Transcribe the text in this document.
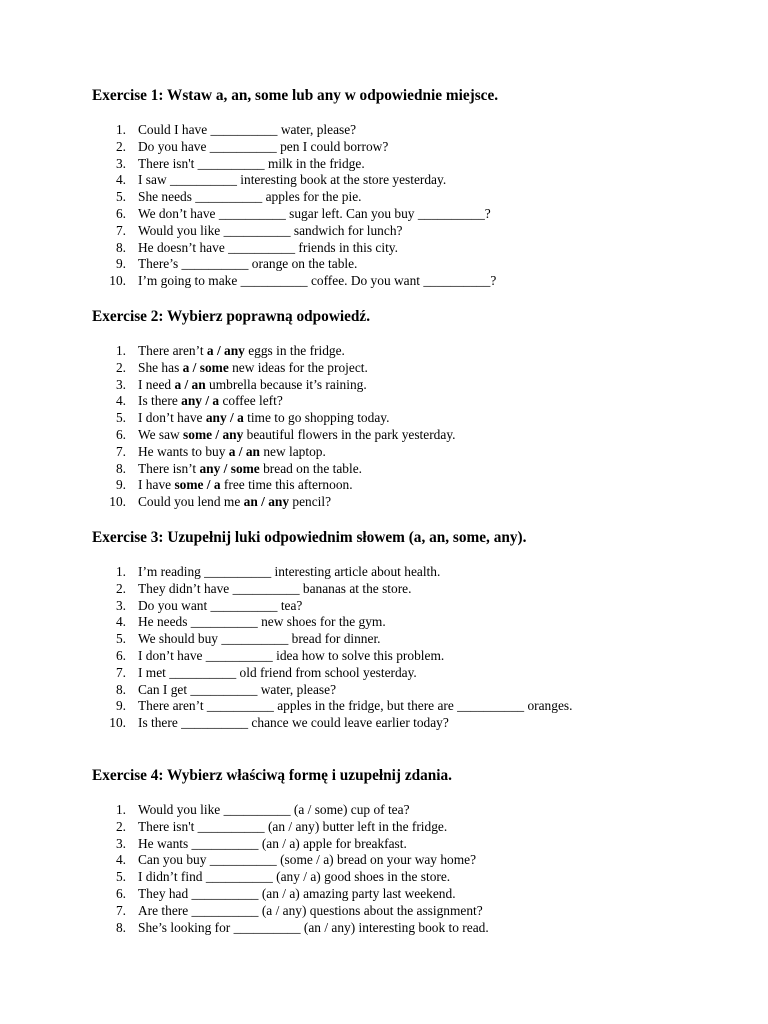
Exercise 1: Wstaw a, an, some lub any w odpowiednie miejsce.
1. Could I have __________ water, please?
2. Do you have __________ pen I could borrow?
3. There isn't __________ milk in the fridge.
4. I saw __________ interesting book at the store yesterday.
5. She needs __________ apples for the pie.
6. We don’t have __________ sugar left. Can you buy __________?
7. Would you like __________ sandwich for lunch?
8. He doesn’t have __________ friends in this city.
9. There’s __________ orange on the table.
10. I’m going to make __________ coffee. Do you want __________?
Exercise 2: Wybierz poprawną odpowiedź.
1. There aren’t a / any eggs in the fridge.
2. She has a / some new ideas for the project.
3. I need a / an umbrella because it’s raining.
4. Is there any / a coffee left?
5. I don’t have any / a time to go shopping today.
6. We saw some / any beautiful flowers in the park yesterday.
7. He wants to buy a / an new laptop.
8. There isn’t any / some bread on the table.
9. I have some / a free time this afternoon.
10. Could you lend me an / any pencil?
Exercise 3: Uzupełnij luki odpowiednim słowem (a, an, some, any).
1. I’m reading __________ interesting article about health.
2. They didn’t have __________ bananas at the store.
3. Do you want __________ tea?
4. He needs __________ new shoes for the gym.
5. We should buy __________ bread for dinner.
6. I don’t have __________ idea how to solve this problem.
7. I met __________ old friend from school yesterday.
8. Can I get __________ water, please?
9. There aren’t __________ apples in the fridge, but there are __________ oranges.
10. Is there __________ chance we could leave earlier today?
Exercise 4: Wybierz właściwą formę i uzupełnij zdania.
1. Would you like __________ (a / some) cup of tea?
2. There isn't __________ (an / any) butter left in the fridge.
3. He wants __________ (an / a) apple for breakfast.
4. Can you buy __________ (some / a) bread on your way home?
5. I didn’t find __________ (any / a) good shoes in the store.
6. They had __________ (an / a) amazing party last weekend.
7. Are there __________ (a / any) questions about the assignment?
8. She’s looking for __________ (an / any) interesting book to read.
